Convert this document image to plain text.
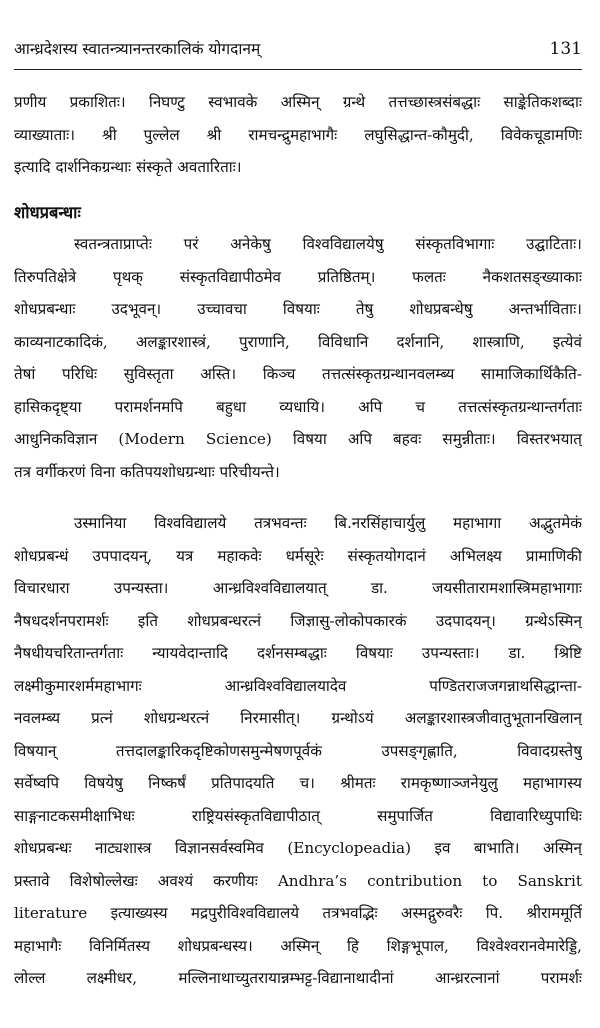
आन्ध्रदेशस्य स्वातन्त्र्यानन्तरकालिकं योगदानम्	131
प्रणीय प्रकाशितः। निघण्टु स्वभावके अस्मिन् ग्रन्थे तत्तच्छास्त्रसंबद्धाः साङ्केतिकशब्दाः
व्याख्याताः। श्री पुल्लेल श्री रामचन्द्रुमहाभागैः लघुसिद्धान्त-कौमुदी, विवेकचूडामणिः
इत्यादि दार्शनिकग्रन्थाः संस्कृते अवतारिताः।
शोधप्रबन्धाः
स्वतन्त्रताप्राप्तेः परं अनेकेषु विश्वविद्यालयेषु संस्कृतविभागाः उद्घाटिताः।
तिरुपतिक्षेत्रे पृथक् संस्कृतविद्यापीठमेव प्रतिष्ठितम्। फलतः नैकशतसङ्ख्याकाः
शोधप्रबन्धाः उदभूवन्। उच्चावचा विषयाः तेषु शोधप्रबन्धेषु अन्तर्भाविताः।
काव्यनाटकादिकं, अलङ्कारशास्त्रं, पुराणानि, विविधानि दर्शनानि, शास्त्राणि, इत्येवं
तेषां परिधिः सुविस्तृता अस्ति। किञ्च तत्तत्संस्कृतग्रन्थानवलम्ब्य सामाजिकार्थिकैति-
हासिकदृष्ट्या परामर्शनमपि बहुधा व्यधायि। अपि च तत्तत्संस्कृतग्रन्थान्तर्गताः
आधुनिकविज्ञान (Modern Science) विषया अपि बहवः समुन्नीताः। विस्तरभयात्
तत्र वर्गीकरणं विना कतिपयशोधग्रन्थाः परिचीयन्ते।
उस्मानिया विश्वविद्यालये तत्रभवन्तः बि.नरसिंहाचार्युलु महाभागा अद्भुतमेकं
शोधप्रबन्धं उपपादयन्, यत्र महाकवेः धर्मसूरेः संस्कृतयोगदानं अभिलक्ष्य प्रामाणिकी
विचारधारा	उपन्यस्ता।	आन्ध्रविश्वविद्यालयात्	डा.	जयसीतारामशास्त्रिमहाभागाः
नैषधदर्शनपरामर्शः इति शोधप्रबन्धरत्नं जिज्ञासु-लोकोपकारकं उदपादयन्। ग्रन्थेऽस्मिन्
नैषधीयचरितान्तर्गताः न्यायवेदान्तादि दर्शनसम्बद्धाः विषयाः उपन्यस्ताः। डा. श्रिष्टि
लक्ष्मीकुमारशर्ममहाभागः	आन्ध्रविश्वविद्यालयादेव	पण्डितराजजगन्नाथसिद्धान्ता-
नवलम्ब्य प्रत्नं शोधग्रन्थरत्नं निरमासीत्। ग्रन्थोऽयं अलङ्कारशास्त्रजीवातुभूतानखिलान्
विषयान्	तत्तदालङ्कारिकदृष्टिकोणसमुन्मेषणपूर्वकं	उपसङ्गृह्णाति,	विवादग्रस्तेषु
सर्वेष्वपि विषयेषु निष्कर्षं प्रतिपादयति च। श्रीमतः रामकृष्णाञ्जनेयुलु महाभागस्य
साङ्गनाटकसमीक्षाभिधः	राष्ट्रियसंस्कृतविद्यापीठात्	समुपार्जित	विद्यावारिध्युपाधिः
शोधप्रबन्धः नाट्यशास्त्र विज्ञानसर्वस्वमिव (Encyclopeadia) इव बाभाति। अस्मिन्
प्रस्तावे विशेषोल्लेखः अवश्यं करणीयः Andhra’s contribution to Sanskrit
literature इत्याख्यस्य मद्रपुरीविश्वविद्यालये तत्रभवद्भिः अस्मद्गुरुवरैः पि. श्रीराममूर्ति
महाभागैः विनिर्मितस्य शोधप्रबन्धस्य। अस्मिन् हि शिङ्गभूपाल, विश्वेश्वरानवेमारेड्डि,
लोल्ल	लक्ष्मीधर,	मल्लिनाथाच्युतरायान्नम्भट्ट-विद्यानाथादीनां	आन्ध्ररत्नानां	परामर्शः
